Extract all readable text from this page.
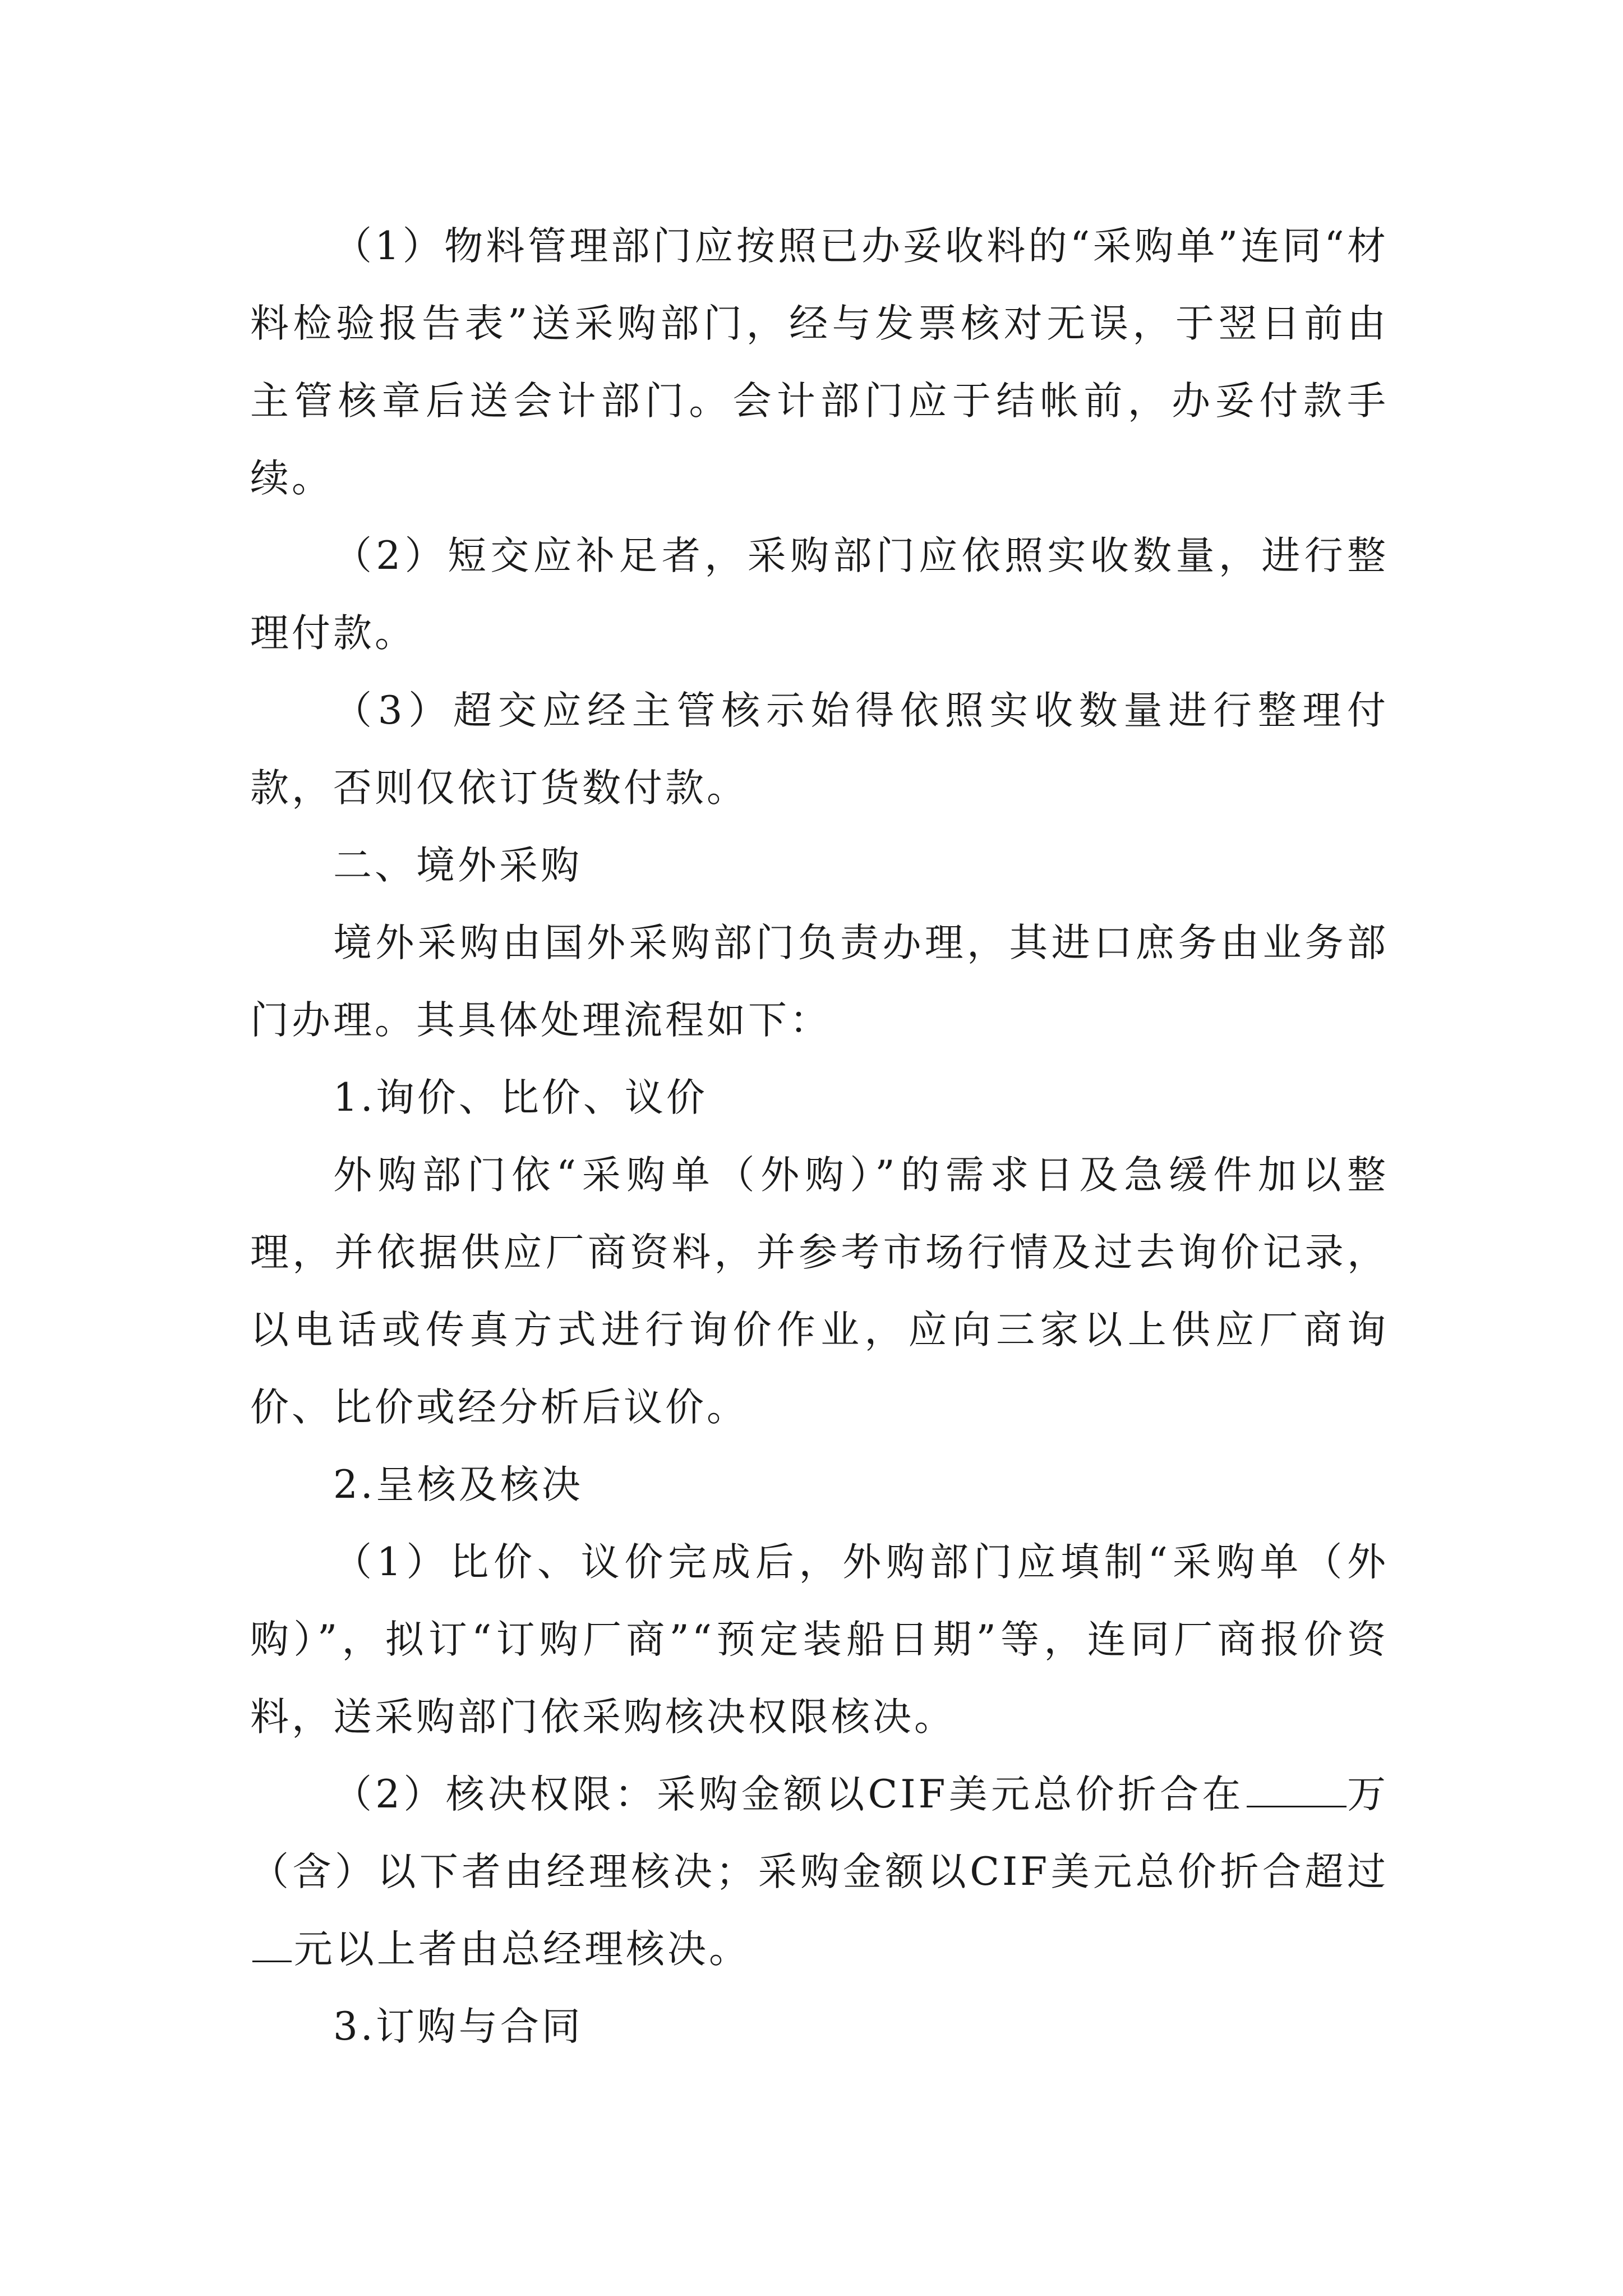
（1）物料管理部门应按照已办妥收料的“采购单”连同“材料检验报告表”送采购部门，经与发票核对无误，于翌日前由主管核章后送会计部门。会计部门应于结帐前，办妥付款手续。

（2）短交应补足者，采购部门应依照实收数量，进行整理付款。

（3）超交应经主管核示始得依照实收数量进行整理付款，否则仅依订货数付款。

二、境外采购

境外采购由国外采购部门负责办理，其进口庶务由业务部门办理。其具体处理流程如下：

1.询价、比价、议价

外购部门依“采购单（外购）”的需求日及急缓件加以整理，并依据供应厂商资料，并参考市场行情及过去询价记录，以电话或传真方式进行询价作业，应向三家以上供应厂商询价、比价或经分析后议价。

2.呈核及核决

（1）比价、议价完成后，外购部门应填制“采购单（外购）”，拟订“订购厂商”“预定装船日期”等，连同厂商报价资料，送采购部门依采购核决权限核决。

（2）核决权限：采购金额以CIF美元总价折合在	万（含）以下者由经理核决；采购金额以CIF美元总价折合超过元以上者由总经理核决。

3.订购与合同
